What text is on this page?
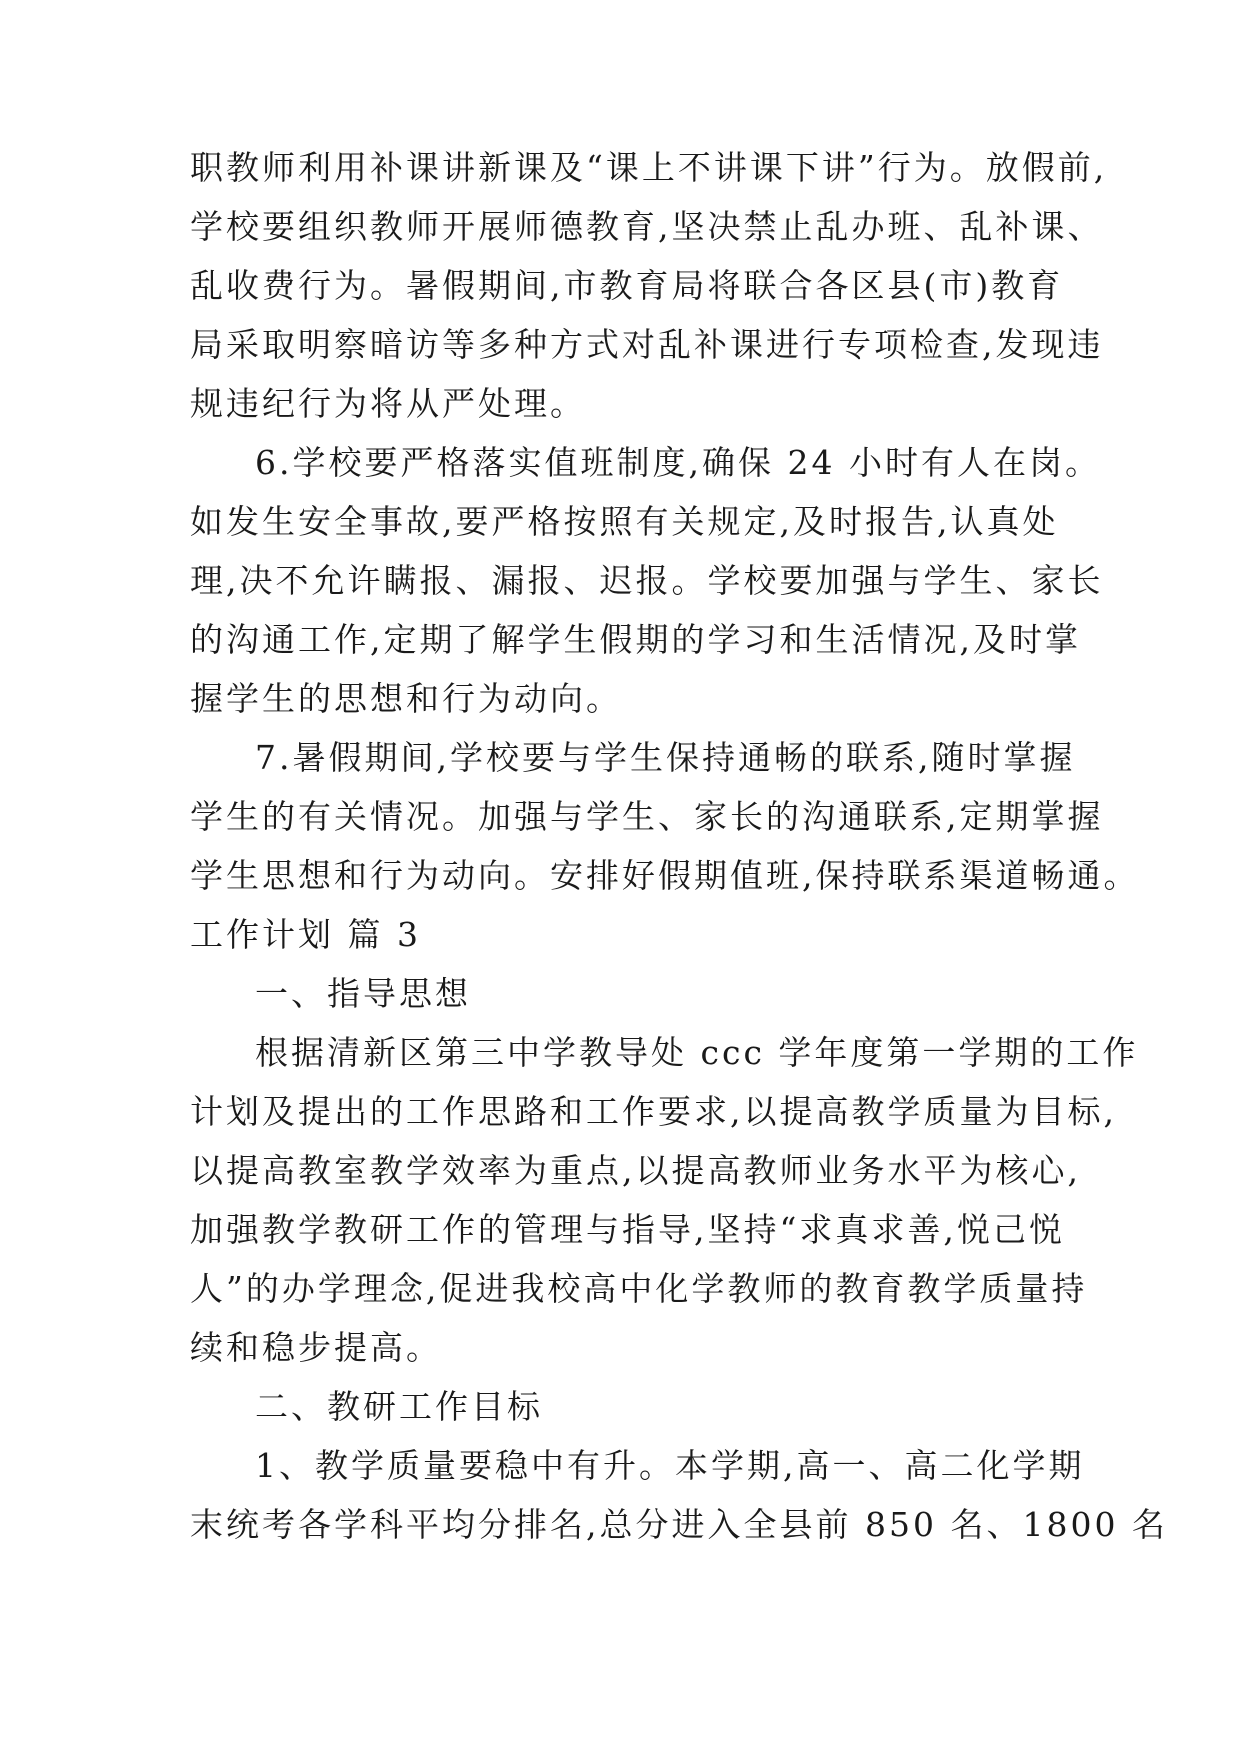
职教师利用补课讲新课及“课上不讲课下讲”行为。放假前,

学校要组织教师开展师德教育,坚决禁止乱办班、乱补课、

乱收费行为。暑假期间,市教育局将联合各区县(市)教育

局采取明察暗访等多种方式对乱补课进行专项检查,发现违

规违纪行为将从严处理。

6.学校要严格落实值班制度,确保 24 小时有人在岗。

如发生安全事故,要严格按照有关规定,及时报告,认真处

理,决不允许瞒报、漏报、迟报。学校要加强与学生、家长

的沟通工作,定期了解学生假期的学习和生活情况,及时掌

握学生的思想和行为动向。

7.暑假期间,学校要与学生保持通畅的联系,随时掌握

学生的有关情况。加强与学生、家长的沟通联系,定期掌握

学生思想和行为动向。安排好假期值班,保持联系渠道畅通。

工作计划 篇 3

一、指导思想

根据清新区第三中学教导处 ccc 学年度第一学期的工作

计划及提出的工作思路和工作要求,以提高教学质量为目标,

以提高教室教学效率为重点,以提高教师业务水平为核心,

加强教学教研工作的管理与指导,坚持“求真求善,悦己悦

人”的办学理念,促进我校高中化学教师的教育教学质量持

续和稳步提高。

二、教研工作目标

1、教学质量要稳中有升。本学期,高一、高二化学期

末统考各学科平均分排名,总分进入全县前 850 名、1800 名
